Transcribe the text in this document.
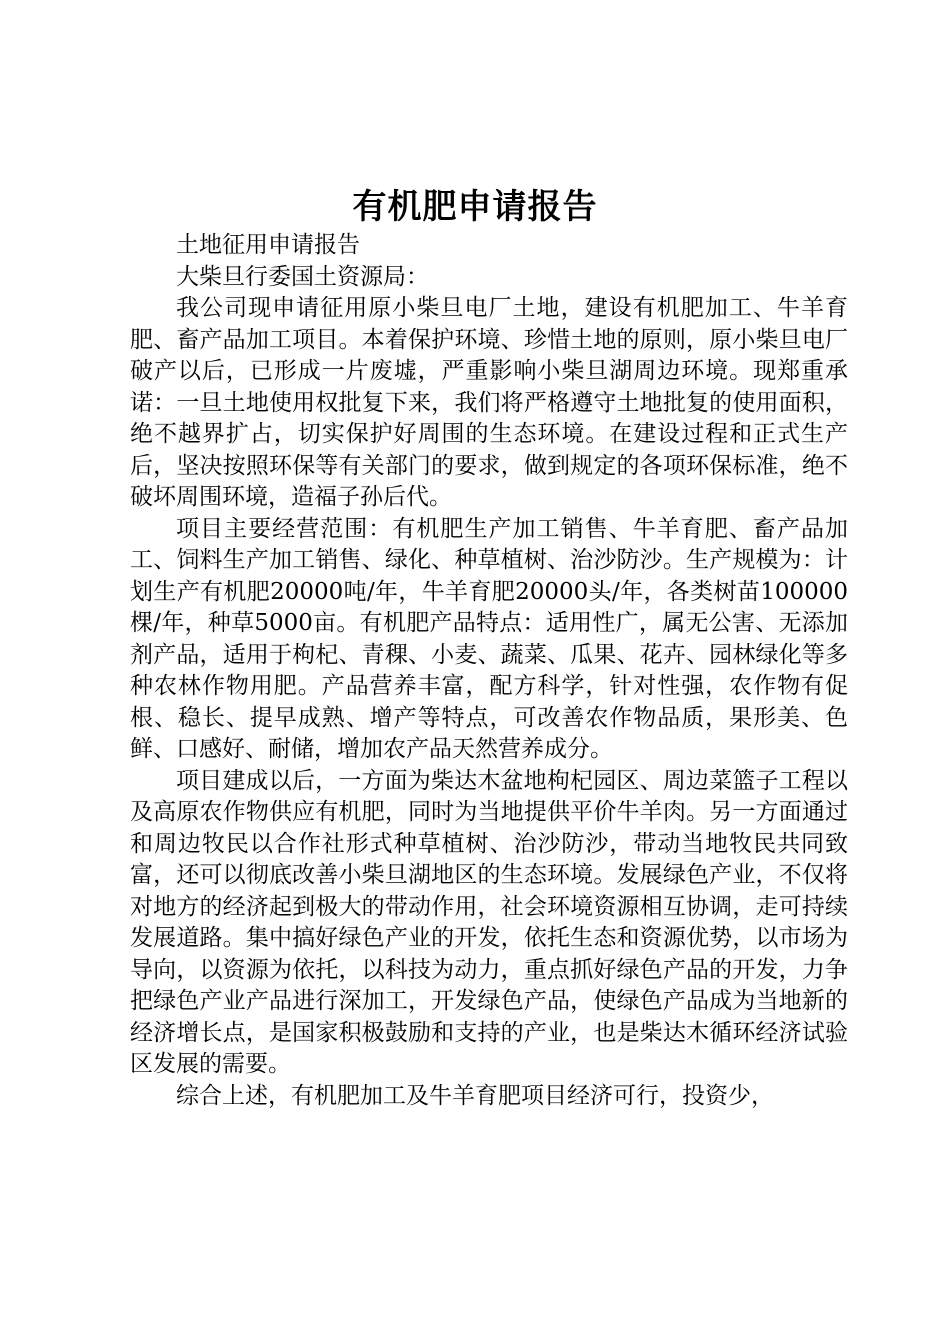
有机肥申请报告

土地征用申请报告

大柴旦行委国土资源局：

我公司现申请征用原小柴旦电厂土地，建设有机肥加工、牛羊育肥、畜产品加工项目。本着保护环境、珍惜土地的原则，原小柴旦电厂破产以后，已形成一片废墟，严重影响小柴旦湖周边环境。现郑重承诺：一旦土地使用权批复下来，我们将严格遵守土地批复的使用面积，绝不越界扩占，切实保护好周围的生态环境。在建设过程和正式生产后，坚决按照环保等有关部门的要求，做到规定的各项环保标准，绝不破坏周围环境，造福子孙后代。

项目主要经营范围：有机肥生产加工销售、牛羊育肥、畜产品加工、饲料生产加工销售、绿化、种草植树、治沙防沙。生产规模为：计划生产有机肥20000吨/年，牛羊育肥20000头/年，各类树苗100000棵/年，种草5000亩。有机肥产品特点：适用性广，属无公害、无添加剂产品，适用于枸杞、青稞、小麦、蔬菜、瓜果、花卉、园林绿化等多种农林作物用肥。产品营养丰富，配方科学，针对性强，农作物有促根、稳长、提早成熟、增产等特点，可改善农作物品质，果形美、色鲜、口感好、耐储，增加农产品天然营养成分。

项目建成以后，一方面为柴达木盆地枸杞园区、周边菜篮子工程以及高原农作物供应有机肥，同时为当地提供平价牛羊肉。另一方面通过和周边牧民以合作社形式种草植树、治沙防沙，带动当地牧民共同致富，还可以彻底改善小柴旦湖地区的生态环境。发展绿色产业，不仅将对地方的经济起到极大的带动作用，社会环境资源相互协调，走可持续发展道路。集中搞好绿色产业的开发，依托生态和资源优势，以市场为导向，以资源为依托，以科技为动力，重点抓好绿色产品的开发，力争把绿色产业产品进行深加工，开发绿色产品，使绿色产品成为当地新的经济增长点，是国家积极鼓励和支持的产业，也是柴达木循环经济试验区发展的需要。

综合上述，有机肥加工及牛羊育肥项目经济可行，投资少，
